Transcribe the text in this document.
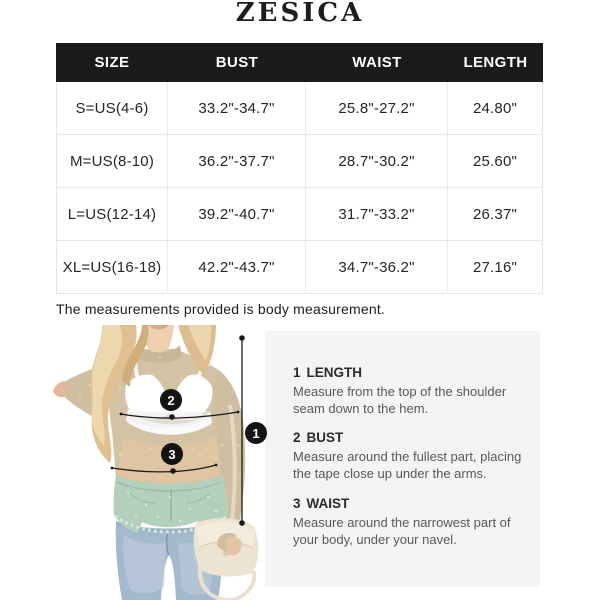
ZESICA
SIZE	BUST	WAIST	LENGTH
S=US(4-6)	33.2"-34.7"	25.8"-27.2"	24.80"
M=US(8-10)	36.2"-37.7"	28.7"-30.2"	25.60"
L=US(12-14)	39.2"-40.7"	31.7"-33.2"	26.37"
XL=US(16-18)	42.2"-43.7"	34.7"-36.2"	27.16"
The measurements provided is body measurement.
1 LENGTH
Measure from the top of the shoulder
seam down to the hem.
2 BUST
Measure around the fullest part, placing
the tape close up under the arms.
3 WAIST
Measure around the narrowest part of
your body, under your navel.
2
3
1
